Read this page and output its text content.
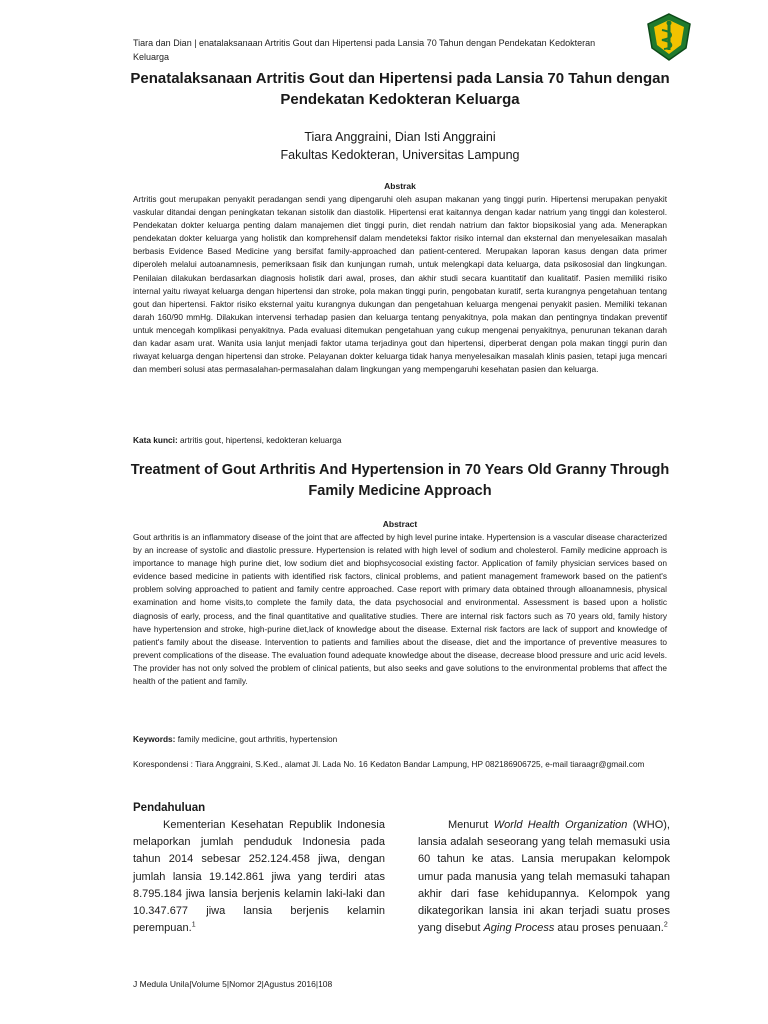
Tiara dan Dian | enatalaksanaan Artritis Gout dan Hipertensi pada Lansia 70 Tahun dengan Pendekatan Kedokteran Keluarga
Penatalaksanaan Artritis Gout dan Hipertensi pada Lansia 70 Tahun dengan Pendekatan Kedokteran Keluarga
Tiara Anggraini, Dian Isti Anggraini
Fakultas Kedokteran, Universitas Lampung
Abstrak

Artritis gout merupakan penyakit peradangan sendi yang dipengaruhi oleh asupan makanan yang tinggi purin. Hipertensi merupakan penyakit vaskular ditandai dengan peningkatan tekanan sistolik dan diastolik. Hipertensi erat kaitannya dengan kadar natrium yang tinggi dan kolesterol. Pendekatan dokter keluarga penting dalam manajemen diet tinggi purin, diet rendah natrium dan faktor biopsikosial yang ada. Menerapkan pendekatan dokter keluarga yang holistik dan komprehensif dalam mendeteksi faktor risiko internal dan eksternal dan menyelesaikan masalah berbasis Evidence Based Medicine yang bersifat family-approached dan patient-centered. Merupakan laporan kasus dengan data primer diperoleh melalui autoanamnesis, pemeriksaan fisik dan kunjungan rumah, untuk melengkapi data keluarga, data psikososial dan lingkungan. Penilaian dilakukan berdasarkan diagnosis holistik dari awal, proses, dan akhir studi secara kuantitatif dan kualitatif. Pasien memiliki risiko internal yaitu riwayat keluarga dengan hipertensi dan stroke, pola makan tinggi purin, pengobatan kuratif, serta kurangnya pengetahuan tentang gout dan hipertensi. Faktor risiko eksternal yaitu kurangnya dukungan dan pengetahuan keluarga mengenai penyakit pasien. Memiliki tekanan darah 160/90 mmHg. Dilakukan intervensi terhadap pasien dan keluarga tentang penyakitnya, pola makan dan pentingnya tindakan preventif untuk mencegah komplikasi penyakitnya. Pada evaluasi ditemukan pengetahuan yang cukup mengenai penyakitnya, penurunan tekanan darah dan kadar asam urat. Wanita usia lanjut menjadi faktor utama terjadinya gout dan hipertensi, diperberat dengan pola makan tinggi purin dan riwayat keluarga dengan hipertensi dan stroke. Pelayanan dokter keluarga tidak hanya menyelesaikan masalah klinis pasien, tetapi juga mencari dan memberi solusi atas permasalahan-permasalahan dalam lingkungan yang mempengaruhi kesehatan pasien dan keluarga.

Kata kunci: artritis gout, hipertensi, kedokteran keluarga
Treatment of Gout Arthritis And Hypertension in 70 Years Old Granny Through Family Medicine Approach
Abstract

Gout arthritis is an inflammatory disease of the joint that are affected by high level purine intake. Hypertension is a vascular disease characterized by an increase of systolic and diastolic pressure. Hypertension is related with high level of sodium and cholesterol. Family medicine approach is importance to manage high purine diet, low sodium diet and biophsycosocial existing factor. Application of family physician services based on evidence based medicine in patients with identified risk factors, clinical problems, and patient management framework based on the patient's problem solving approached to patient and family centre approached. Case report with primary data obtained through alloanamnesis, physical examination and home visits,to complete the family data, the data psychosocial and environmental. Assessment is based upon a holistic diagnosis of early, process, and the final quantitative and qualitative studies. There are internal risk factors such as 70 years old, family history have hypertension and stroke, high-purine diet,lack of knowledge about the disease. External risk factors are lack of support and knowledge of patient's family about the disease. Intervention to patients and families about the disease, diet and the importance of preventive measures to prevent complications of the disease. The evaluation found adequate knowledge about the disease, decrease blood pressure and uric acid levels. The provider has not only solved the problem of clinical patients, but also seeks and gave solutions to the environmental problems that affect the health of the patient and family.

Keywords: family medicine, gout arthritis, hypertension
Korespondensi : Tiara Anggraini, S.Ked., alamat Jl. Lada No. 16 Kedaton Bandar Lampung, HP 082186906725, e-mail tiaraagr@gmail.com
Pendahuluan

Kementerian Kesehatan Republik Indonesia melaporkan jumlah penduduk Indonesia pada tahun 2014 sebesar 252.124.458 jiwa, dengan jumlah lansia 19.142.861 jiwa yang terdiri atas 8.795.184 jiwa lansia berjenis kelamin laki-laki dan 10.347.677 jiwa lansia berjenis kelamin perempuan.$^1$

Menurut World Health Organization (WHO), lansia adalah seseorang yang telah memasuki usia 60 tahun ke atas. Lansia merupakan kelompok umur pada manusia yang telah memasuki tahapan akhir dari fase kehidupannya. Kelompok yang dikategorikan lansia ini akan terjadi suatu proses yang disebut Aging Process atau proses penuaan.$^2$

J Medula Unila|Volume 5|Nomor 2|Agustus 2016|108
